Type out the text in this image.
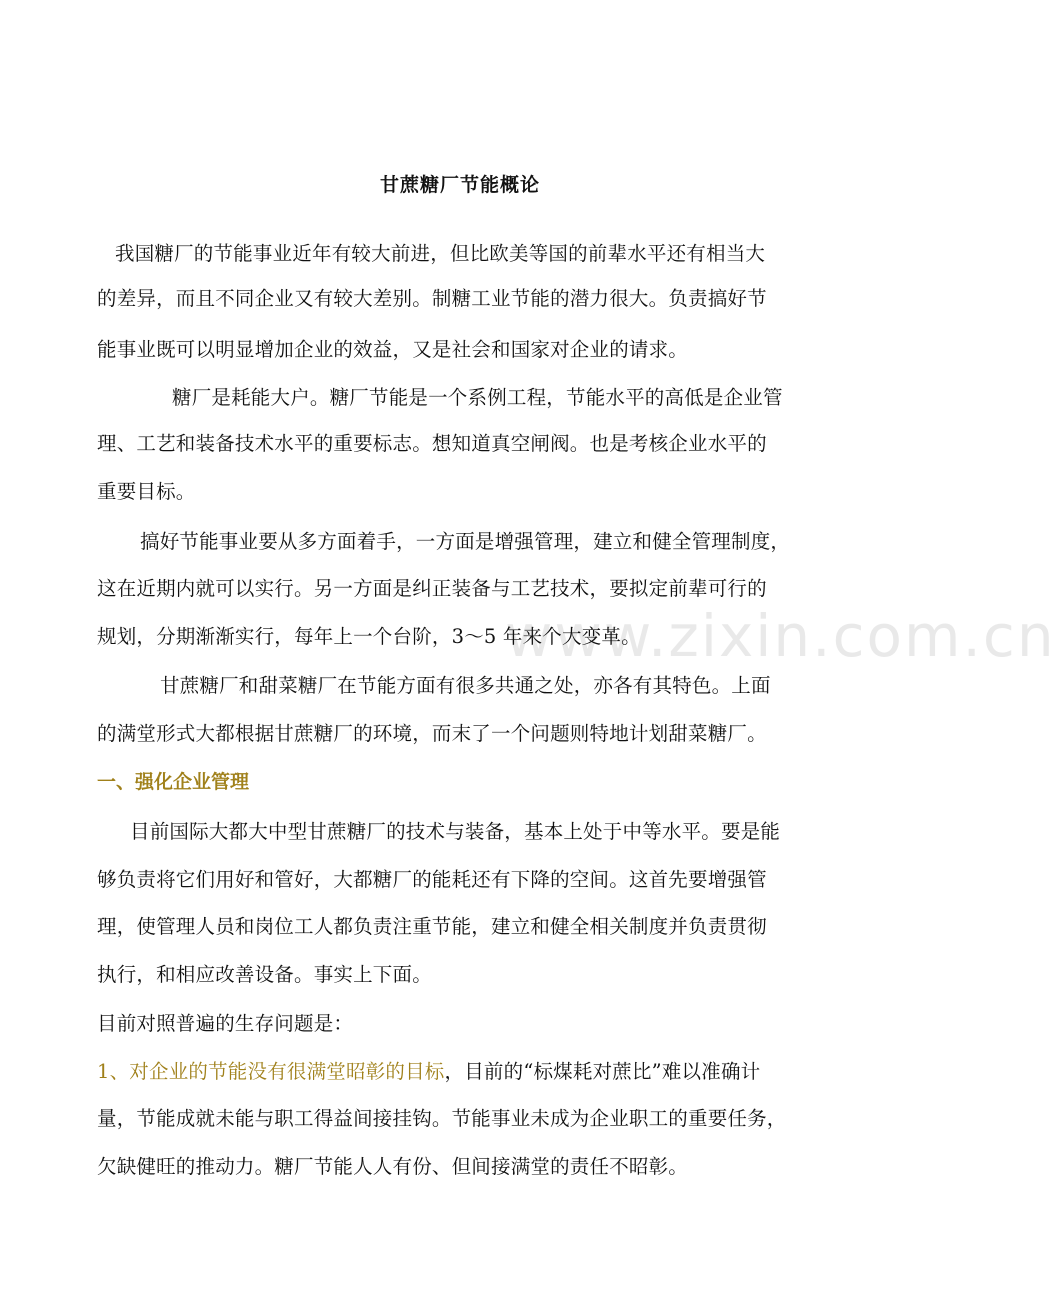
www.zixin.com.cn
甘蔗糖厂节能概论
我国糖厂的节能事业近年有较大前进，但比欧美等国的前辈水平还有相当大
的差异，而且不同企业又有较大差别。制糖工业节能的潜力很大。负责搞好节
能事业既可以明显增加企业的效益，又是社会和国家对企业的请求。
糖厂是耗能大户。糖厂节能是一个系例工程，节能水平的高低是企业管
理、工艺和装备技术水平的重要标志。想知道真空闸阀。也是考核企业水平的
重要目标。
搞好节能事业要从多方面着手，一方面是增强管理，建立和健全管理制度，
这在近期内就可以实行。另一方面是纠正装备与工艺技术，要拟定前辈可行的
规划，分期渐渐实行，每年上一个台阶，3～5 年来个大变革。
甘蔗糖厂和甜菜糖厂在节能方面有很多共通之处，亦各有其特色。上面
的满堂形式大都根据甘蔗糖厂的环境，而末了一个问题则特地计划甜菜糖厂。
一、强化企业管理
目前国际大都大中型甘蔗糖厂的技术与装备，基本上处于中等水平。要是能
够负责将它们用好和管好，大都糖厂的能耗还有下降的空间。这首先要增强管
理，使管理人员和岗位工人都负责注重节能，建立和健全相关制度并负责贯彻
执行，和相应改善设备。事实上下面。
目前对照普遍的生存问题是：
1、对企业的节能没有很满堂昭彰的目标，目前的“标煤耗对蔗比”难以准确计
量，节能成就未能与职工得益间接挂钩。节能事业未成为企业职工的重要任务，
欠缺健旺的推动力。糖厂节能人人有份、但间接满堂的责任不昭彰。
